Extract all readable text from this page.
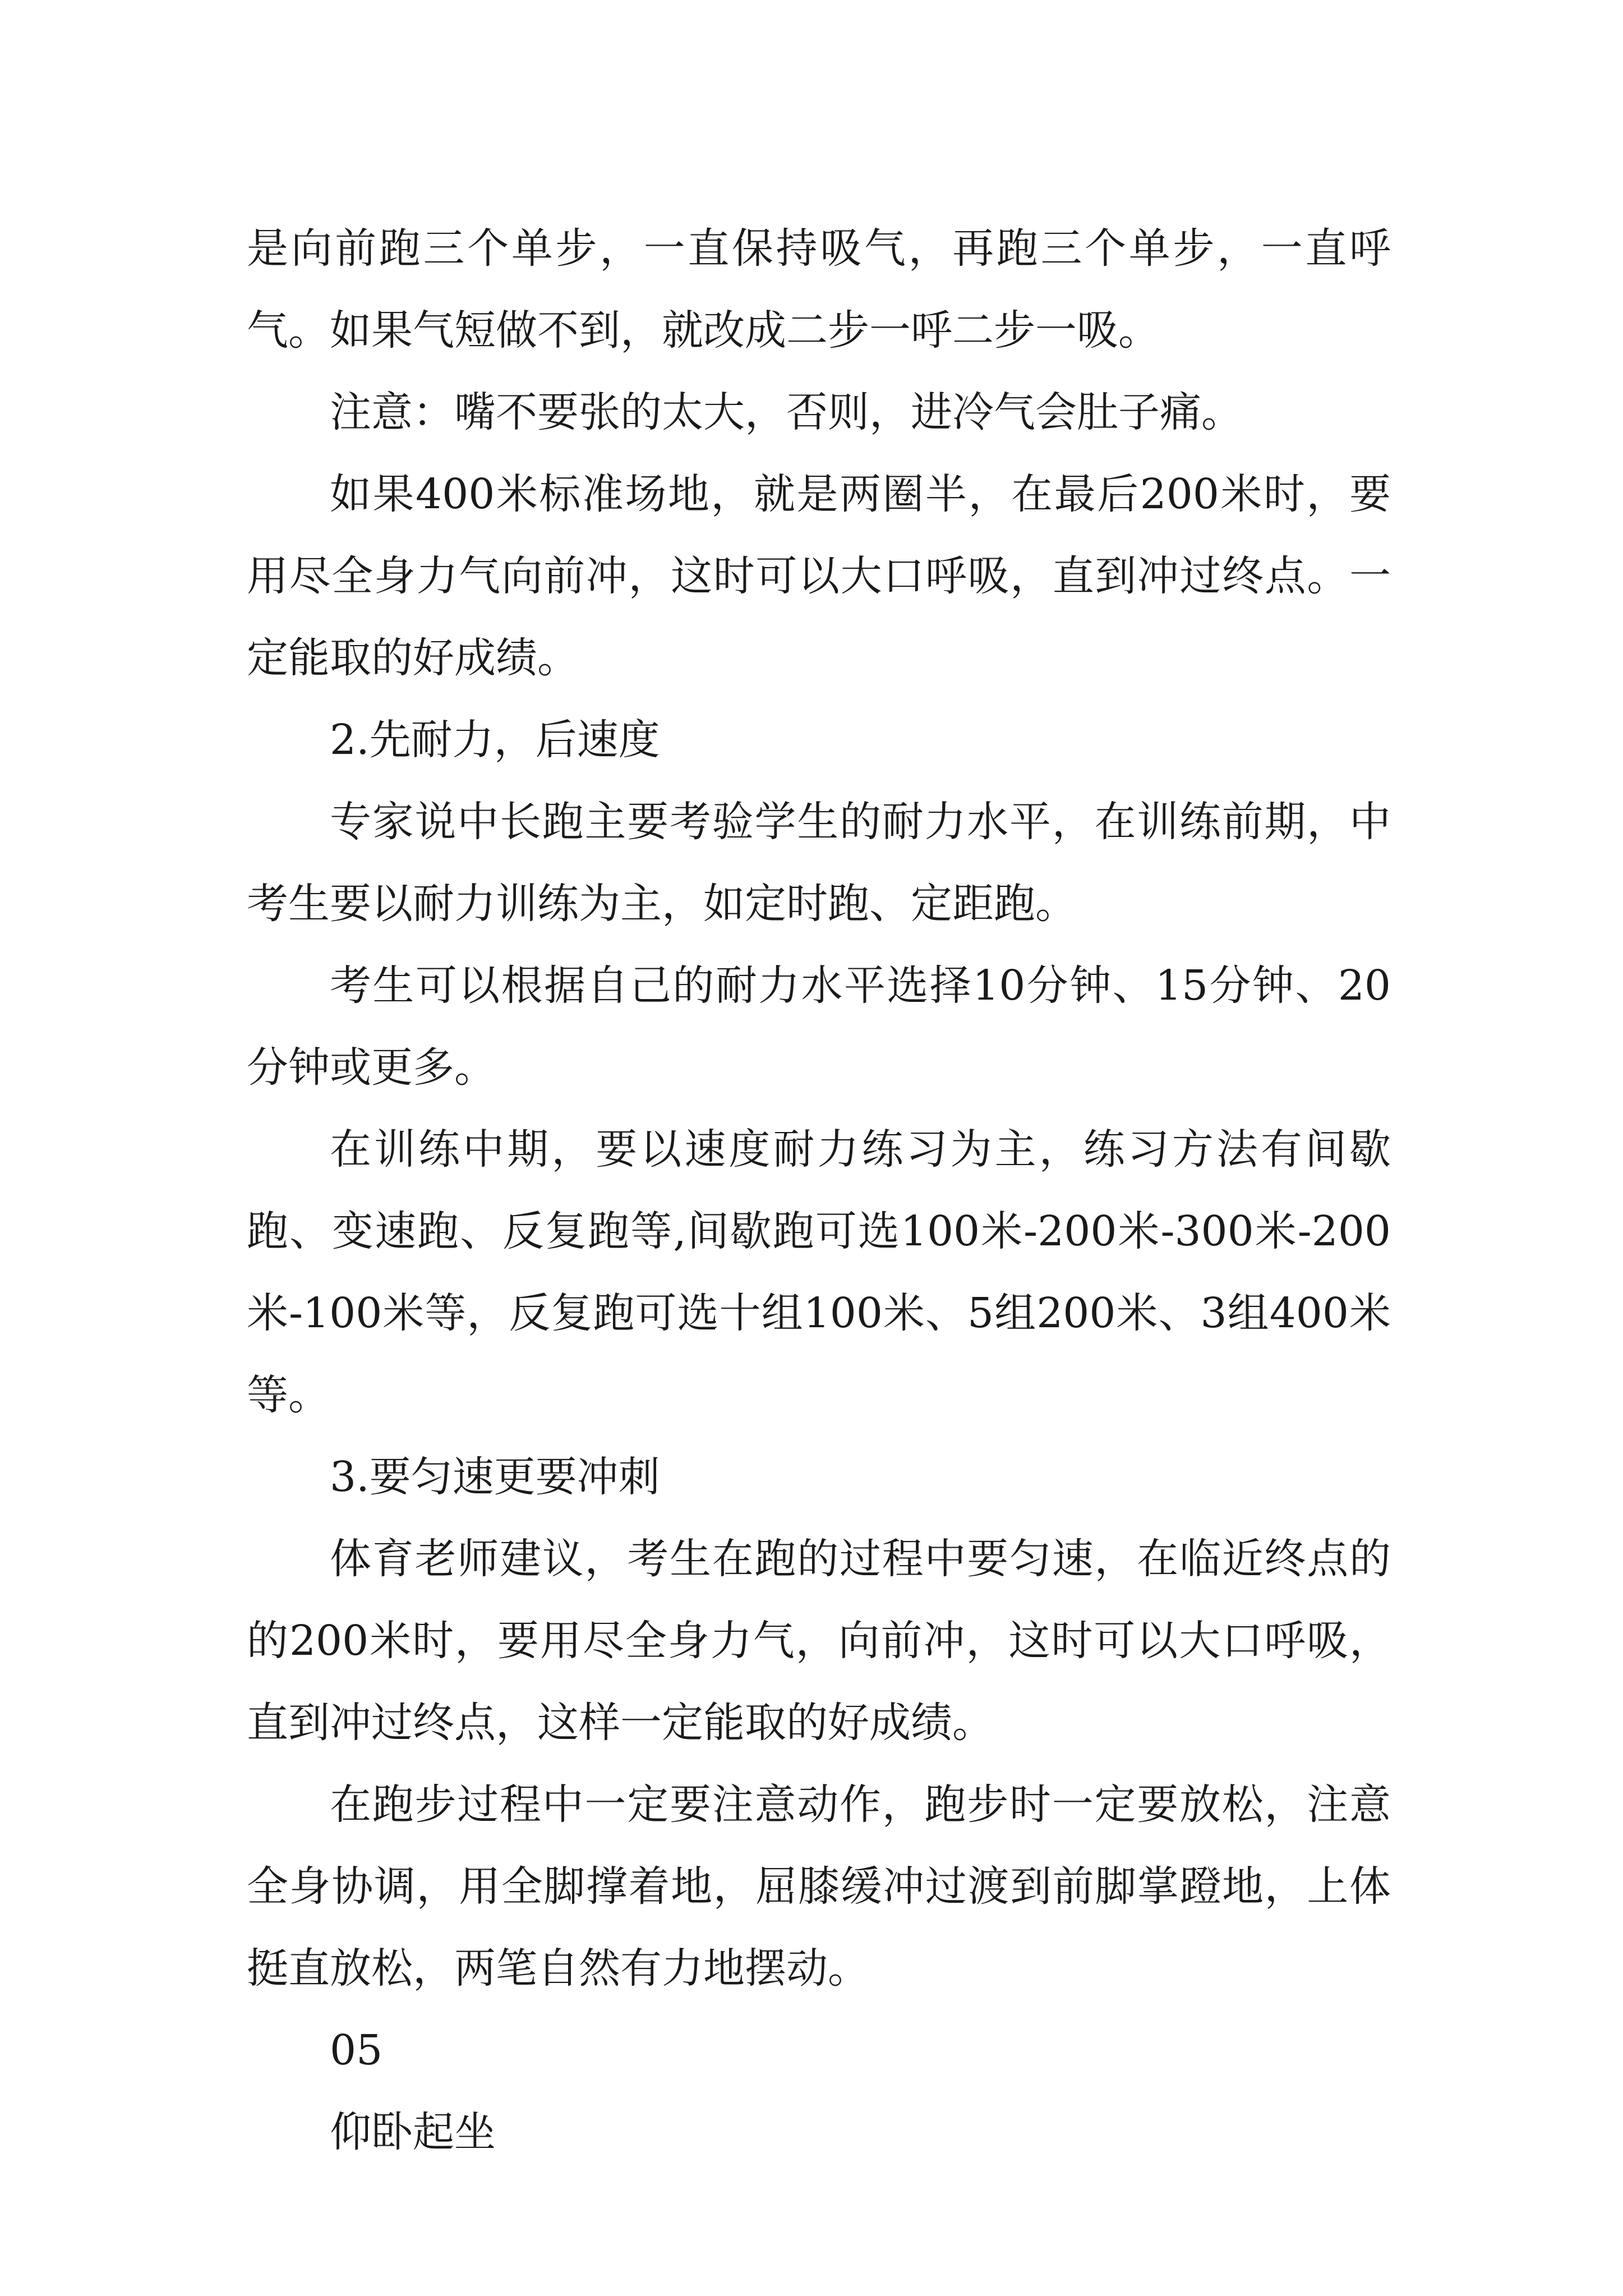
是向前跑三个单步，一直保持吸气，再跑三个单步，一直呼气。如果气短做不到，就改成二步一呼二步一吸。

注意：嘴不要张的太大，否则，进冷气会肚子痛。

如果400米标准场地，就是两圈半，在最后200米时，要用尽全身力气向前冲，这时可以大口呼吸，直到冲过终点。一定能取的好成绩。

2.先耐力，后速度

专家说中长跑主要考验学生的耐力水平，在训练前期，中考生要以耐力训练为主，如定时跑、定距跑。

考生可以根据自己的耐力水平选择10分钟、15分钟、20分钟或更多。

在训练中期，要以速度耐力练习为主，练习方法有间歇跑、变速跑、反复跑等,间歇跑可选100米-200米-300米-200米-100米等，反复跑可选十组100米、5组200米、3组400米等。

3.要匀速更要冲刺

体育老师建议，考生在跑的过程中要匀速，在临近终点的的200米时，要用尽全身力气，向前冲，这时可以大口呼吸，直到冲过终点，这样一定能取的好成绩。

在跑步过程中一定要注意动作，跑步时一定要放松，注意全身协调，用全脚撑着地，屈膝缓冲过渡到前脚掌蹬地，上体挺直放松，两笔自然有力地摆动。

05

仰卧起坐
